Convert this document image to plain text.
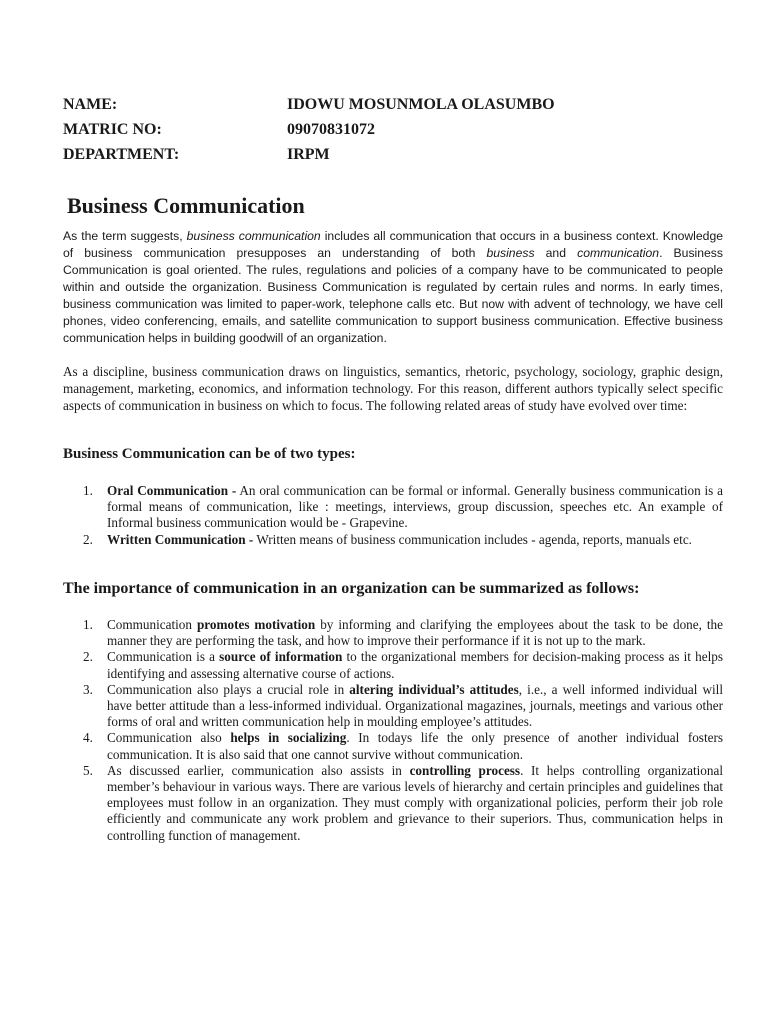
NAME:	IDOWU MOSUNMOLA OLASUMBO
MATRIC NO:	09070831072
DEPARTMENT:	IRPM
Business Communication

As the term suggests, business communication includes all communication that occurs in a business context. Knowledge of business communication presupposes an understanding of both business and communication. Business Communication is goal oriented. The rules, regulations and policies of a company have to be communicated to people within and outside the organization. Business Communication is regulated by certain rules and norms. In early times, business communication was limited to paper-work, telephone calls etc. But now with advent of technology, we have cell phones, video conferencing, emails, and satellite communication to support business communication. Effective business communication helps in building goodwill of an organization.

As a discipline, business communication draws on linguistics, semantics, rhetoric, psychology, sociology, graphic design, management, marketing, economics, and information technology. For this reason, different authors typically select specific aspects of communication in business on which to focus. The following related areas of study have evolved over time:

Business Communication can be of two types:
1.	Oral Communication - An oral communication can be formal or informal. Generally business communication is a formal means of communication, like : meetings, interviews, group discussion, speeches etc. An example of Informal business communication would be - Grapevine.
2.	Written Communication - Written means of business communication includes - agenda, reports, manuals etc.
The importance of communication in an organization can be summarized as follows:
1.	Communication promotes motivation by informing and clarifying the employees about the task to be done, the manner they are performing the task, and how to improve their performance if it is not up to the mark.
2.	Communication is a source of information to the organizational members for decision-making process as it helps identifying and assessing alternative course of actions.
3.	Communication also plays a crucial role in altering individual’s attitudes, i.e., a well informed individual will have better attitude than a less-informed individual. Organizational magazines, journals, meetings and various other forms of oral and written communication help in moulding employee’s attitudes.
4.	Communication also helps in socializing. In todays life the only presence of another individual fosters communication. It is also said that one cannot survive without communication.
5.	As discussed earlier, communication also assists in controlling process. It helps controlling organizational member’s behaviour in various ways. There are various levels of hierarchy and certain principles and guidelines that employees must follow in an organization. They must comply with organizational policies, perform their job role efficiently and communicate any work problem and grievance to their superiors. Thus, communication helps in controlling function of management.
